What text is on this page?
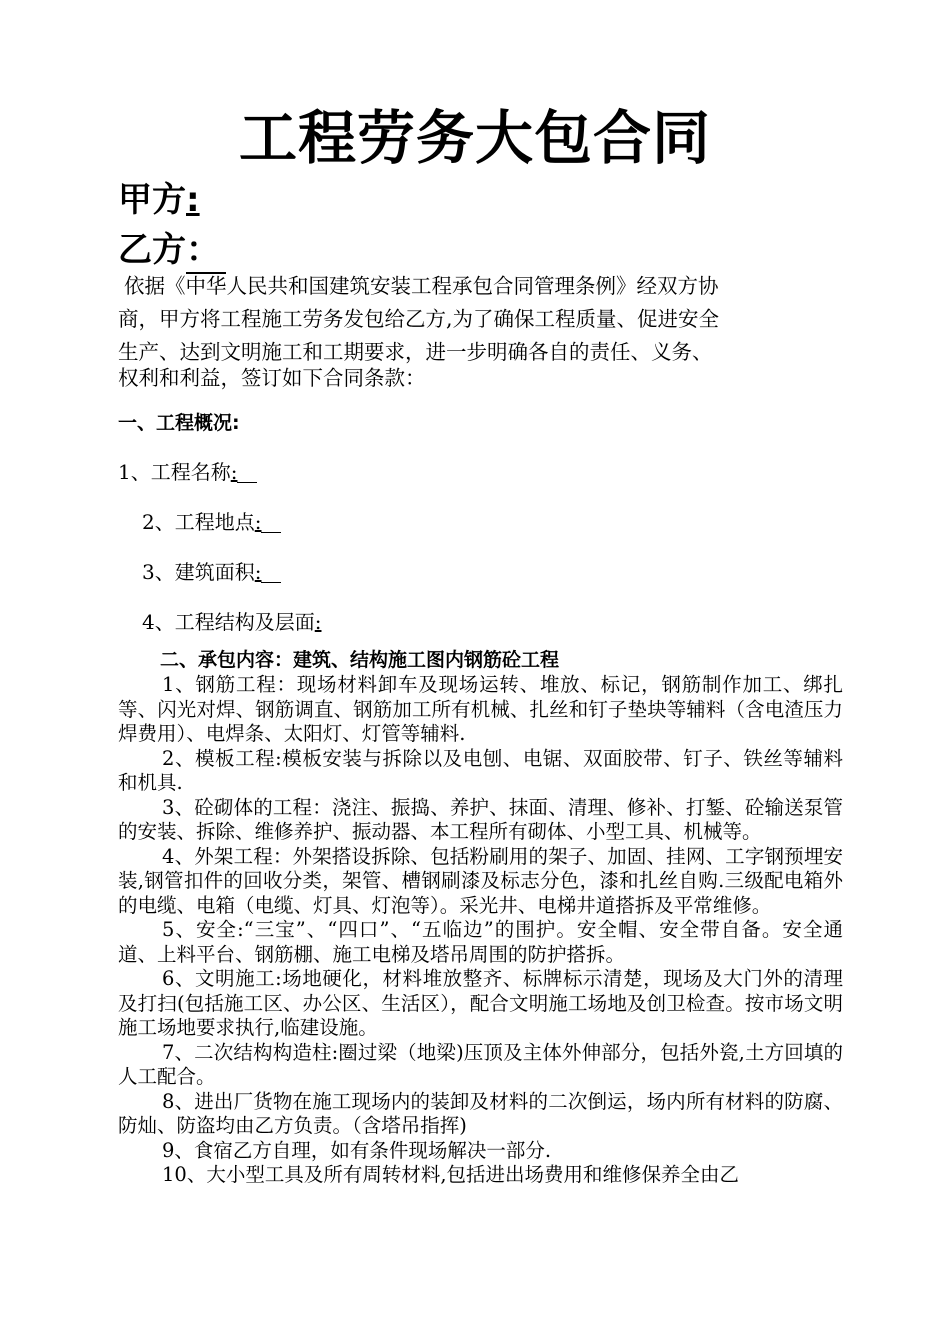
工程劳务大包合同
甲方:
乙方：

依据《中华人民共和国建筑安装工程承包合同管理条例》经双方协

商，甲方将工程施工劳务发包给乙方,为了确保工程质量、促进安全

生产、达到文明施工和工期要求，进一步明确各自的责任、义务、

权利和利益，签订如下合同条款：

一、工程概况:
1、工程名称:
2、工程地点:
3、建筑面积:
4、工程结构及层面:
二、承包内容：建筑、结构施工图内钢筋砼工程

1、钢筋工程：现场材料卸车及现场运转、堆放、标记，钢筋制作加工、绑扎等、闪光对焊、钢筋调直、钢筋加工所有机械、扎丝和钉子垫块等辅料（含电渣压力焊费用）、电焊条、太阳灯、灯管等辅料.

2、模板工程:模板安装与拆除以及电刨、电锯、双面胶带、钉子、铁丝等辅料和机具.

3、砼砌体的工程：浇注、振捣、养护、抹面、清理、修补、打錾、砼输送泵管的安装、拆除、维修养护、振动器、本工程所有砌体、小型工具、机械等。

4、外架工程：外架搭设拆除、包括粉刷用的架子、加固、挂网、工字钢预埋安装,钢管扣件的回收分类，架管、槽钢刷漆及标志分色，漆和扎丝自购.三级配电箱外的电缆、电箱（电缆、灯具、灯泡等）。采光井、电梯井道搭拆及平常维修。

5、安全:“三宝”、“四口”、“五临边”的围护。安全帽、安全带自备。安全通道、上料平台、钢筋棚、施工电梯及塔吊周围的防护搭拆。

6、文明施工:场地硬化，材料堆放整齐、标牌标示清楚，现场及大门外的清理及打扫(包括施工区、办公区、生活区），配合文明施工场地及创卫检查。按市场文明施工场地要求执行,临建设施。

7、二次结构构造柱:圈过梁（地梁)压顶及主体外伸部分，包括外瓷,土方回填的人工配合。

8、进出厂货物在施工现场内的装卸及材料的二次倒运，场内所有材料的防腐、防灿、防盗均由乙方负责。（含塔吊指挥)

9、食宿乙方自理，如有条件现场解决一部分.

10、大小型工具及所有周转材料,包括进出场费用和维修保养全由乙
